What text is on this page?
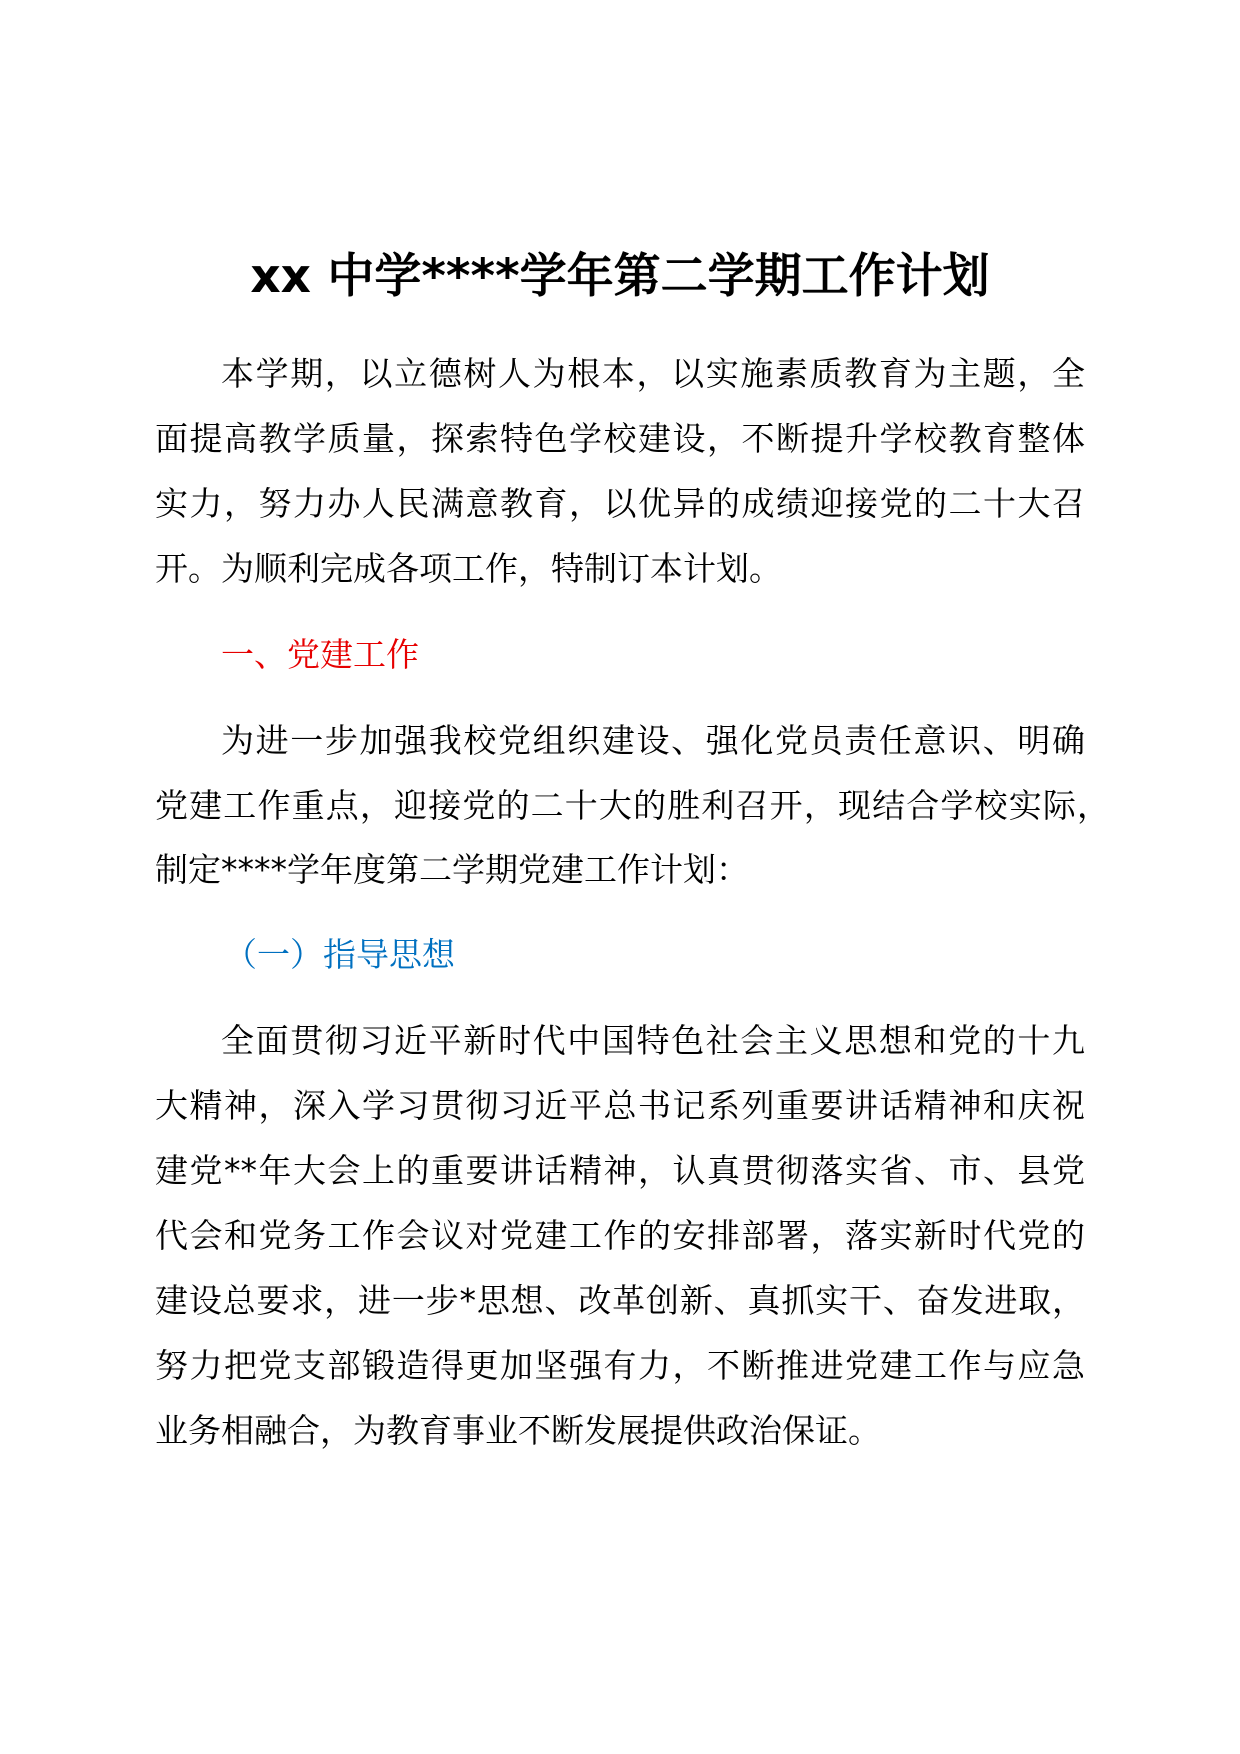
xx 中学****学年第二学期工作计划
本学期，以立德树人为根本，以实施素质教育为主题，全
面提高教学质量，探索特色学校建设，不断提升学校教育整体
实力，努力办人民满意教育，以优异的成绩迎接党的二十大召
开。为顺利完成各项工作，特制订本计划。
一、党建工作
为进一步加强我校党组织建设、强化党员责任意识、明确
党建工作重点，迎接党的二十大的胜利召开，现结合学校实际，
制定****学年度第二学期党建工作计划：
（一）指导思想
全面贯彻习近平新时代中国特色社会主义思想和党的十九
大精神，深入学习贯彻习近平总书记系列重要讲话精神和庆祝
建党**年大会上的重要讲话精神，认真贯彻落实省、市、县党
代会和党务工作会议对党建工作的安排部署，落实新时代党的
建设总要求，进一步*思想、改革创新、真抓实干、奋发进取，
努力把党支部锻造得更加坚强有力，不断推进党建工作与应急
业务相融合，为教育事业不断发展提供政治保证。
